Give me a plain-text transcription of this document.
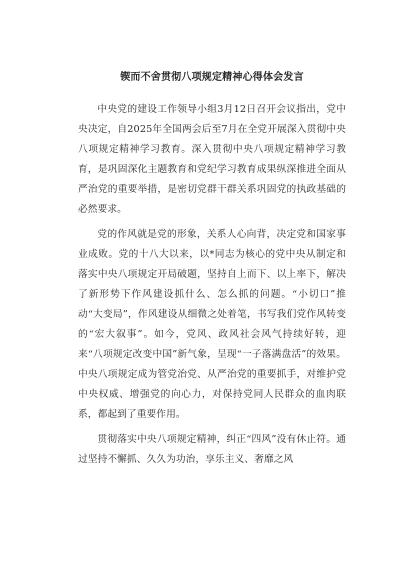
锲而不舍贯彻八项规定精神心得体会发言

中央党的建设工作领导小组3月12日召开会议指出，党中央决定，自2025年全国两会后至7月在全党开展深入贯彻中央八项规定精神学习教育。深入贯彻中央八项规定精神学习教育，是巩固深化主题教育和党纪学习教育成果纵深推进全面从严治党的重要举措，是密切党群干群关系巩固党的执政基础的必然要求。

党的作风就是党的形象，关系人心向背，决定党和国家事业成败。党的十八大以来，以*同志为核心的党中央从制定和落实中央八项规定开局破题，坚持自上而下、以上率下，解决了新形势下作风建设抓什么、怎么抓的问题。“小切口”推动“大变局”，作风建设从细微之处着笔，书写我们党作风转变的“宏大叙事”。如今，党风、政风社会风气持续好转，迎来“八项规定改变中国”新气象，呈现“一子落满盘活”的效果。中央八项规定成为管党治党、从严治党的重要抓手，对维护党中央权威、增强党的向心力，对保持党同人民群众的血肉联系，都起到了重要作用。

贯彻落实中央八项规定精神，纠正“四风”没有休止符。通过坚持不懈抓、久久为功治，享乐主义、奢靡之风
